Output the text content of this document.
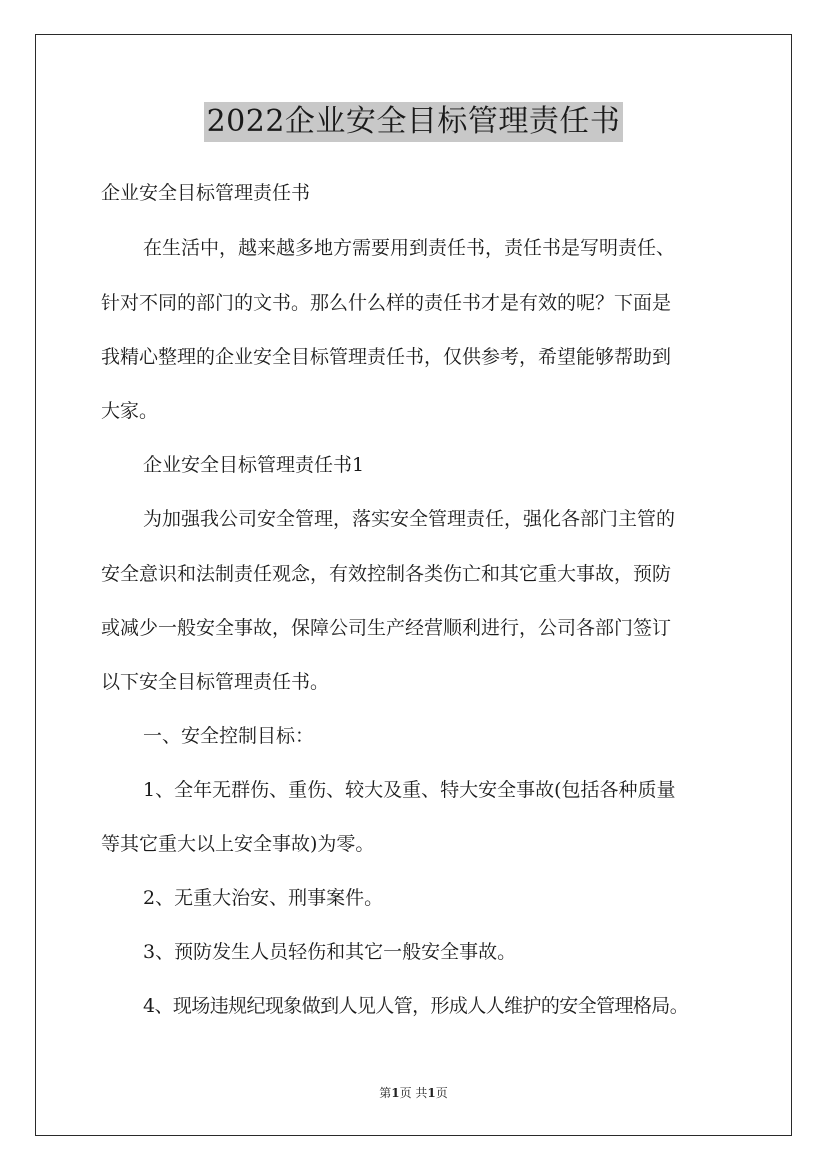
2022企业安全目标管理责任书
企业安全目标管理责任书
在生活中，越来越多地方需要用到责任书，责任书是写明责任、
针对不同的部门的文书。那么什么样的责任书才是有效的呢？下面是
我精心整理的企业安全目标管理责任书，仅供参考，希望能够帮助到
大家。
企业安全目标管理责任书1
为加强我公司安全管理，落实安全管理责任，强化各部门主管的
安全意识和法制责任观念，有效控制各类伤亡和其它重大事故，预防
或减少一般安全事故，保障公司生产经营顺利进行，公司各部门签订
以下安全目标管理责任书。
一、安全控制目标：
1、全年无群伤、重伤、较大及重、特大安全事故(包括各种质量
等其它重大以上安全事故)为零。
2、无重大治安、刑事案件。
3、预防发生人员轻伤和其它一般安全事故。
4、现场违规纪现象做到人见人管，形成人人维护的安全管理格局。
第1页 共1页
